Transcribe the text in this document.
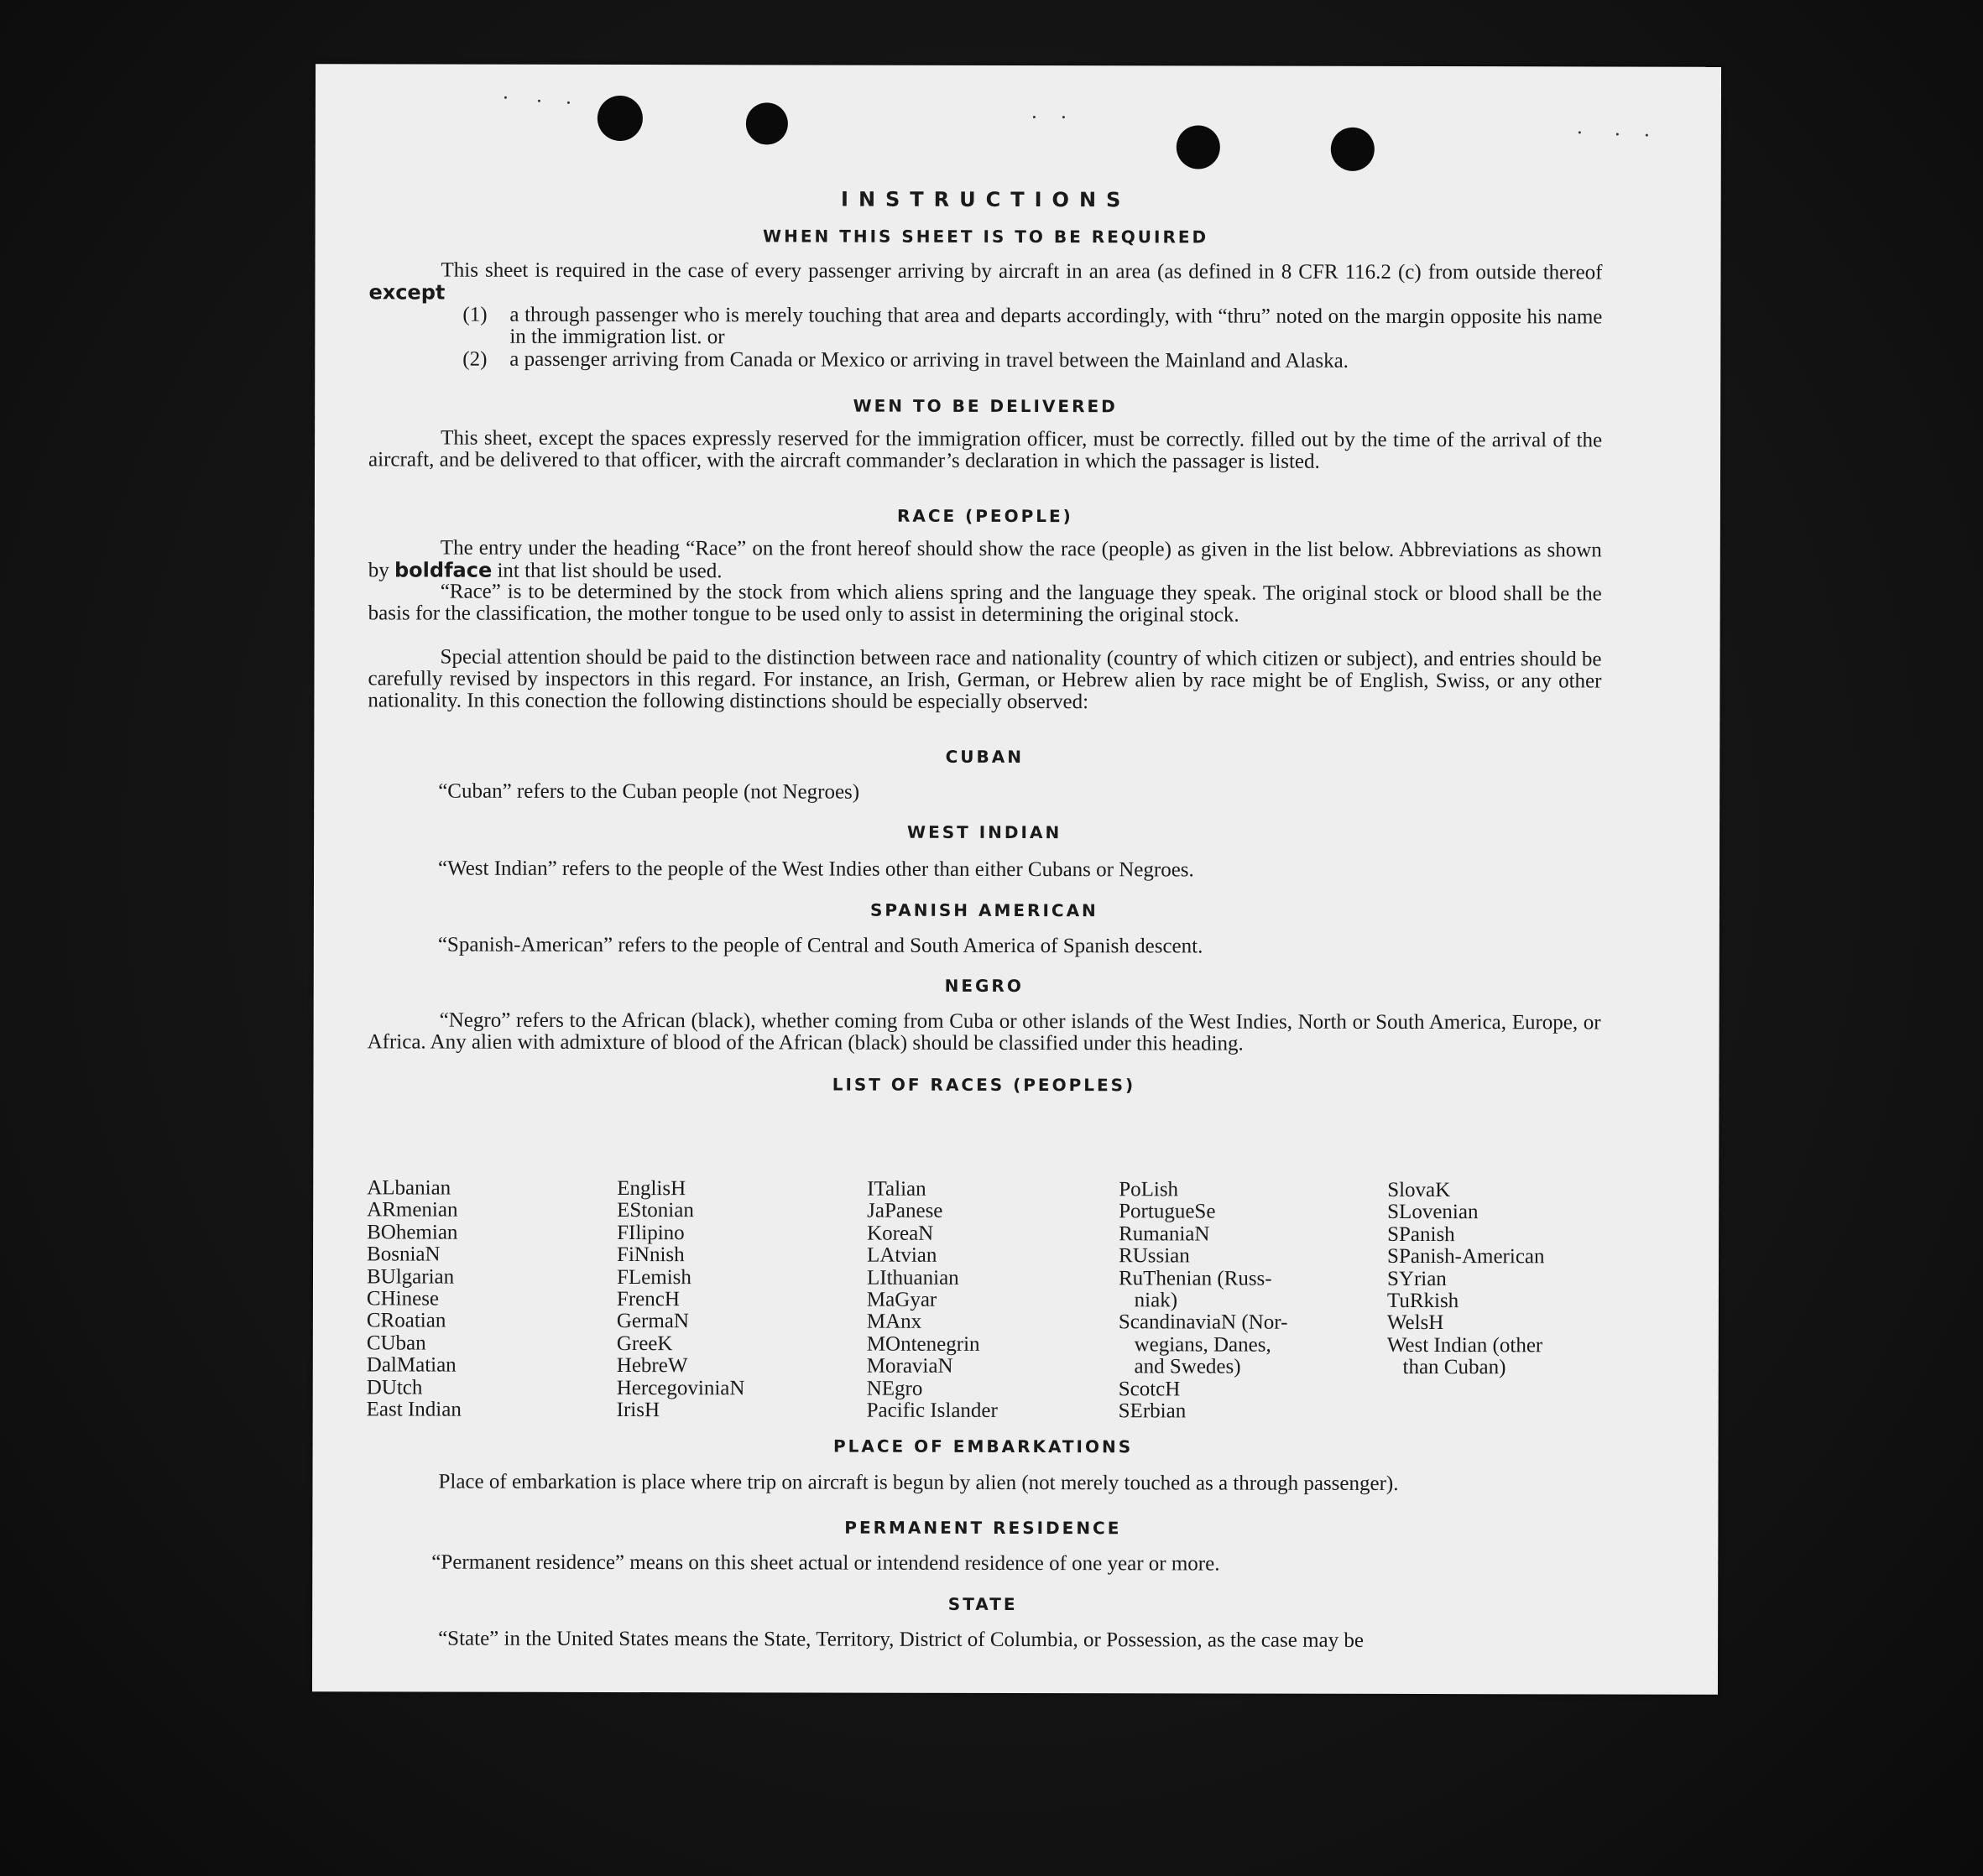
INSTRUCTIONS
WHEN THIS SHEET IS TO BE REQUIRED

This sheet is required in the case of every passenger arriving by aircraft in an area (as defined in 8 CFR 116.2 (c) from outside thereof except

(1)	a through passenger who is merely touching that area and departs accordingly, with “thru” noted on the margin opposite his name in the immigration list. or
(2)	a passenger arriving from Canada or Mexico or arriving in travel between the Mainland and Alaska.
WEN TO BE DELIVERED

This sheet, except the spaces expressly reserved for the immigration officer, must be correctly. filled out by the time of the arrival of the aircraft, and be delivered to that officer, with the aircraft commander’s declaration in which the passager is listed.

RACE (PEOPLE)

The entry under the heading “Race” on the front hereof should show the race (people) as given in the list below. Abbreviations as shown by boldface int that list should be used.

“Race” is to be determined by the stock from which aliens spring and the language they speak. The original stock or blood shall be the basis for the classification, the mother tongue to be used only to assist in determining the original stock.

Special attention should be paid to the distinction between race and nationality (country of which citizen or subject), and entries should be carefully revised by inspectors in this regard. For instance, an Irish, German, or Hebrew alien by race might be of English, Swiss, or any other nationality. In this conection the following distinctions should be especially observed:

CUBAN
“Cuban” refers to the Cuban people (not Negroes)
WEST INDIAN
“West Indian” refers to the people of the West Indies other than either Cubans or Negroes.
SPANISH AMERICAN
“Spanish-American” refers to the people of Central and South America of Spanish descent.
NEGRO

“Negro” refers to the African (black), whether coming from Cuba or other islands of the West Indies, North or South America, Europe, or Africa. Any alien with admixture of blood of the African (black) should be classified under this heading.

LIST OF RACES (PEOPLES)
ALbanian
ARmenian
BOhemian
BosniaN
BUlgarian
CHinese
CRoatian
CUban
DalMatian
DUtch
East Indian
EnglisH
EStonian
FIlipino
FiNnish
FLemish
FrencH
GermaN
GreeK
HebreW
HercegoviniaN
IrisH
ITalian
JaPanese
KoreaN
LAtvian
LIthuanian
MaGyar
MAnx
MOntenegrin
MoraviaN
NEgro
Pacific Islander
PoLish
PortugueSe
RumaniaN
RUssian
RuThenian (Russ-
niak)
ScandinaviaN (Nor-
wegians, Danes,
and Swedes)
ScotcH
SErbian
SlovaK
SLovenian
SPanish
SPanish-American
SYrian
TuRkish
WelsH
West Indian (other
than Cuban)
PLACE OF EMBARKATIONS

Place of embarkation is place where trip on aircraft is begun by alien (not merely touched as a through passenger).

PERMANENT RESIDENCE
“Permanent residence” means on this sheet actual or intendend residence of one year or more.
STATE

“State” in the United States means the State, Territory, District of Columbia, or Possession, as the case may be
